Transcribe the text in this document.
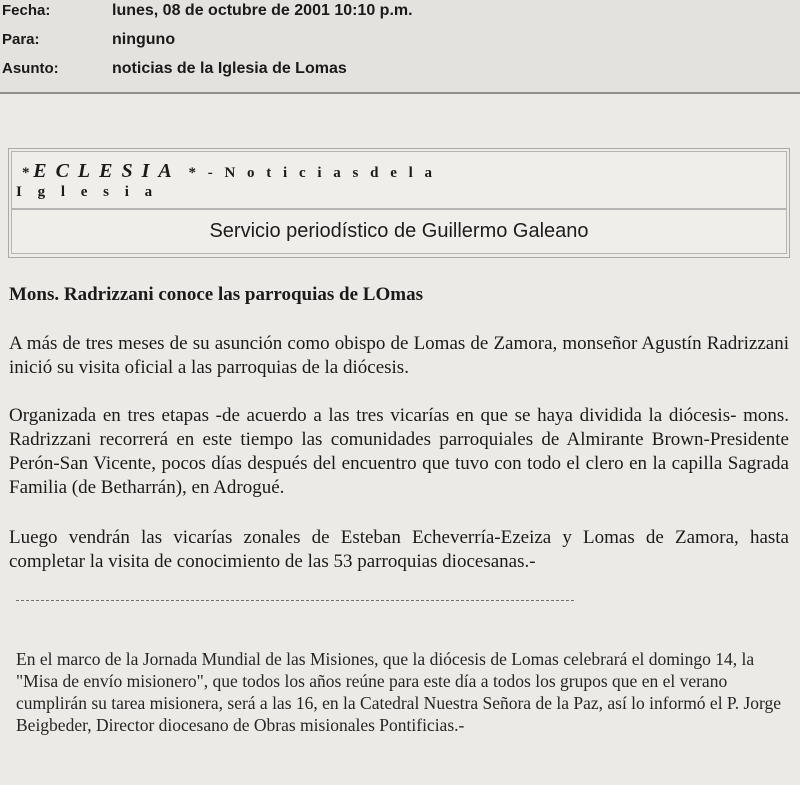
Fecha:	lunes, 08 de octubre de 2001 10:10 p.m.
Para:	ninguno
Asunto:	noticias de la Iglesia de Lomas
* ECLESIA * - N o t i c i a s d e l a
I g l e s i a
Servicio periodístico de Guillermo Galeano
Mons. Radrizzani conoce las parroquias de LOmas
A más de tres meses de su asunción como obispo de Lomas de Zamora, monseñor Agustín Radrizzani inició su visita oficial a las parroquias de la diócesis.
Organizada en tres etapas -de acuerdo a las tres vicarías en que se haya dividida la diócesis- mons. Radrizzani recorrerá en este tiempo las comunidades parroquiales de Almirante Brown-Presidente Perón-San Vicente, pocos días después del encuentro que tuvo con todo el clero en la capilla Sagrada Familia (de Betharrán), en Adrogué.
Luego vendrán las vicarías zonales de Esteban Echeverría-Ezeiza y Lomas de Zamora, hasta completar la visita de conocimiento de las 53 parroquias diocesanas.-
En el marco de la Jornada Mundial de las Misiones, que la diócesis de Lomas celebrará el domingo 14, la "Misa de envío misionero", que todos los años reúne para este día a todos los grupos que en el verano cumplirán su tarea misionera, será a las 16, en la Catedral Nuestra Señora de la Paz, así lo informó el P. Jorge Beigbeder, Director diocesano de Obras misionales Pontificias.-
